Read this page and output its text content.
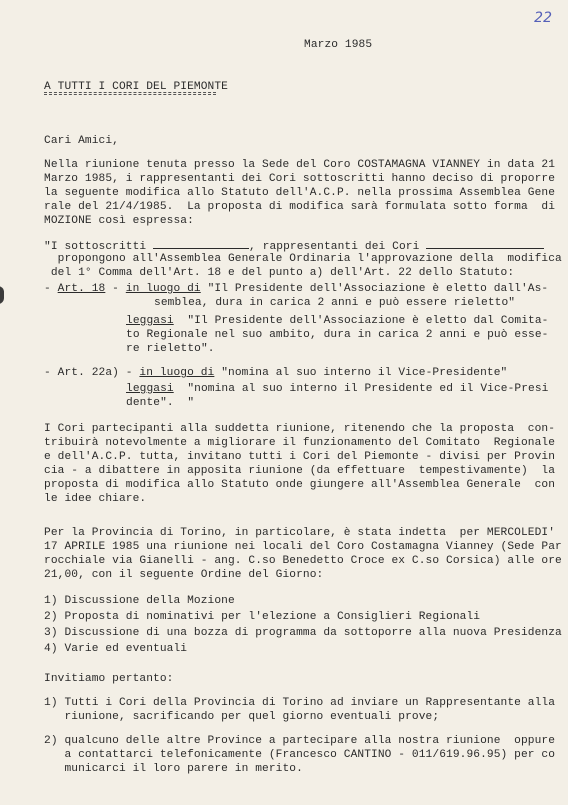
22
Marzo 1985
A TUTTI I CORI DEL PIEMONTE
Cari Amici,
Nella riunione tenuta presso la Sede del Coro COSTAMAGNA VIANNEY in data 21
Marzo 1985, i rappresentanti dei Cori sottoscritti hanno deciso di proporre
la seguente modifica allo Statuto dell'A.C.P. nella prossima Assemblea Gene
rale del 21/4/1985.  La proposta di modifica sarà formulata sotto forma  di
MOZIONE così espressa:
"I sottoscritti	, rappresentanti dei Cori
propongono all'Assemblea Generale Ordinaria l'approvazione della  modifica
del 1° Comma dell'Art. 18 e del punto a) dell'Art. 22 dello Statuto:
- Art. 18 - in luogo di "Il Presidente dell'Associazione è eletto dall'As-
semblea, dura in carica 2 anni e può essere rieletto"
leggasi  "Il Presidente dell'Associazione è eletto dal Comita-
to Regionale nel suo ambito, dura in carica 2 anni e può esse-
re rieletto".
- Art. 22a) - in luogo di "nomina al suo interno il Vice-Presidente"
leggasi  "nomina al suo interno il Presidente ed il Vice-Presi
dente".  "
I Cori partecipanti alla suddetta riunione, ritenendo che la proposta  con-
tribuirà notevolmente a migliorare il funzionamento del Comitato  Regionale
e dell'A.C.P. tutta, invitano tutti i Cori del Piemonte - divisi per Provin
cia - a dibattere in apposita riunione (da effettuare  tempestivamente)  la
proposta di modifica allo Statuto onde giungere all'Assemblea Generale  con
le idee chiare.
Per la Provincia di Torino, in particolare, è stata indetta  per MERCOLEDI'
17 APRILE 1985 una riunione nei locali del Coro Costamagna Vianney (Sede Par
rocchiale via Gianelli - ang. C.so Benedetto Croce ex C.so Corsica) alle ore
21,00, con il seguente Ordine del Giorno:
1) Discussione della Mozione
2) Proposta di nominativi per l'elezione a Consiglieri Regionali
3) Discussione di una bozza di programma da sottoporre alla nuova Presidenza
4) Varie ed eventuali
Invitiamo pertanto:
1) Tutti i Cori della Provincia di Torino ad inviare un Rappresentante alla
riunione, sacrificando per quel giorno eventuali prove;
2) qualcuno delle altre Province a partecipare alla nostra riunione  oppure
a contattarci telefonicamente (Francesco CANTINO - 011/619.96.95) per co
municarci il loro parere in merito.
